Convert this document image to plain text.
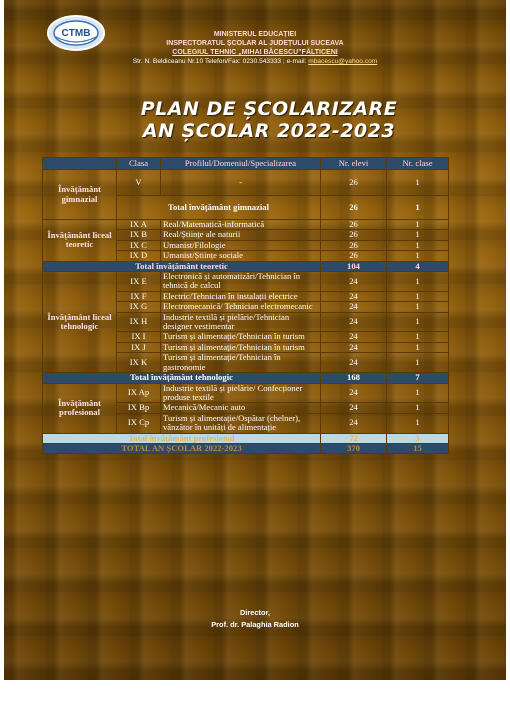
CTMB	MINISTERUL EDUCAȚIEI
INSPECTORATUL ȘCOLAR AL JUDEȚULUI SUCEAVA
COLEGIUL TEHNIC „MIHAI BĂCESCU”FĂLTICENI
Str. N. Beldiceanu Nr.10 Telefon/Fax: 0230.543333 ; e-mail: mbacescu@yahoo.com
PLAN DE ȘCOLARIZARE
AN ȘCOLAR 2022-2023
	Clasa	Profilul/Domeniul/Specializarea	Nr. elevi	Nr. clase
Învățământ gimnazial	V	-	26	1
	Total învățământ gimnazial		26	1
Învățământ liceal teoretic	IX A	Real/Matematică-informatică	26	1
	IX B	Real/Științe ale naturii	26	1
	IX C	Umanist/Filologie	26	1
	IX D	Umanist/Științe sociale	26	1
Total învățământ teoretic			104	4
Învățământ liceal tehnologic	IX E	Electronică și automatizări/Tehnician în tehnică de calcul	24	1
	IX F	Electric/Tehnician în instalații electrice	24	1
	IX G	Electromecanică/ Tehnician electromecanic	24	1
	IX H	Industrie textilă și pielărie/Tehnician designer vestimentar	24	1
	IX I	Turism și alimentație/Tehnician în turism	24	1
	IX J	Turism și alimentație/Tehnician în turism	24	1
	IX K	Turism și alimentație/Tehnician în gastronomie	24	1
Total învățământ tehnologic			168	7
Învățământ profesional	IX Ap	Industrie textilă și pielărie/ Confecționer produse textile	24	1
	IX Bp	Mecanică/Mecanic auto	24	1
	IX Cp	Turism și alimentație/Ospătar (chelner), vânzător în unități de alimentație	24	1
Total învățământ profesional			72	3
TOTAL AN ȘCOLAR 2022-2023			370	15
Director,
Prof. dr. Palaghia Radion
